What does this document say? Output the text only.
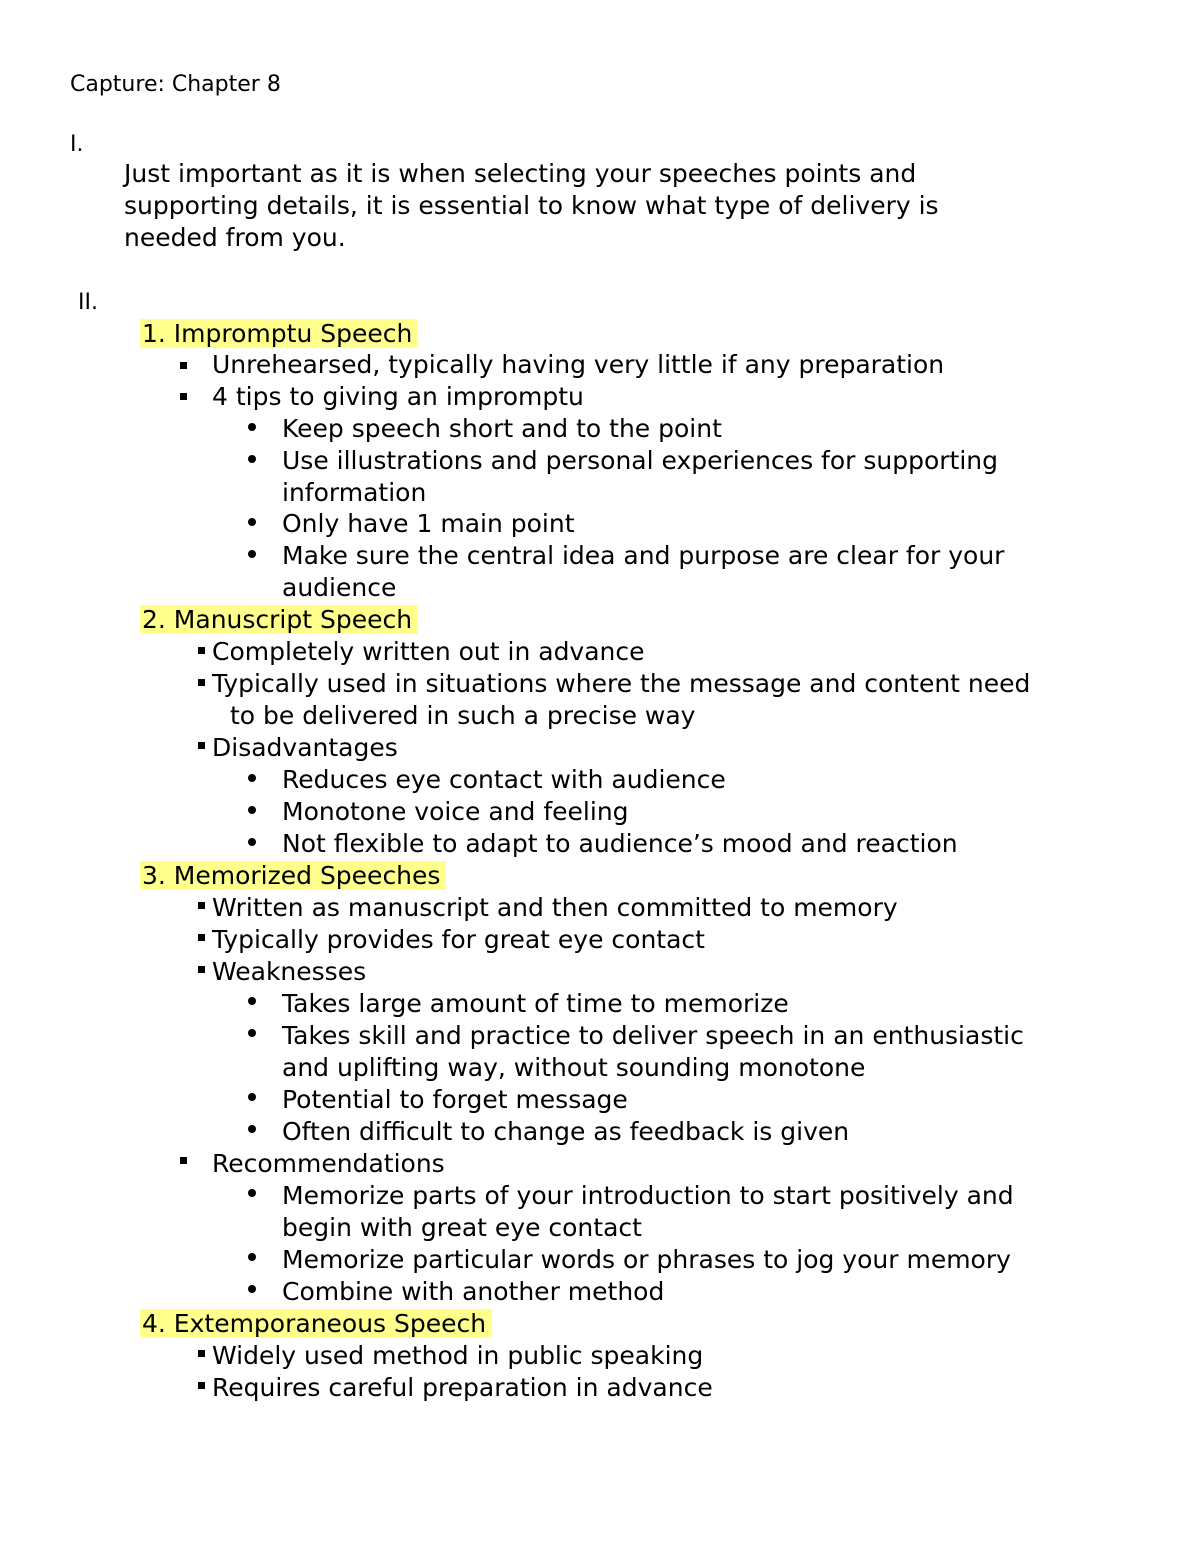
Capture: Chapter 8
I.
Just important as it is when selecting your speeches points and
supporting details, it is essential to know what type of delivery is
needed from you.
II.
1. Impromptu Speech
Unrehearsed, typically having very little if any preparation
4 tips to giving an impromptu
Keep speech short and to the point
Use illustrations and personal experiences for supporting
information
Only have 1 main point
Make sure the central idea and purpose are clear for your
audience
2. Manuscript Speech
Completely written out in advance
Typically used in situations where the message and content need
to be delivered in such a precise way
Disadvantages
Reduces eye contact with audience
Monotone voice and feeling
Not flexible to adapt to audience’s mood and reaction
3. Memorized Speeches
Written as manuscript and then committed to memory
Typically provides for great eye contact
Weaknesses
Takes large amount of time to memorize
Takes skill and practice to deliver speech in an enthusiastic
and uplifting way, without sounding monotone
Potential to forget message
Often difficult to change as feedback is given
Recommendations
Memorize parts of your introduction to start positively and
begin with great eye contact
Memorize particular words or phrases to jog your memory
Combine with another method
4. Extemporaneous Speech
Widely used method in public speaking
Requires careful preparation in advance
